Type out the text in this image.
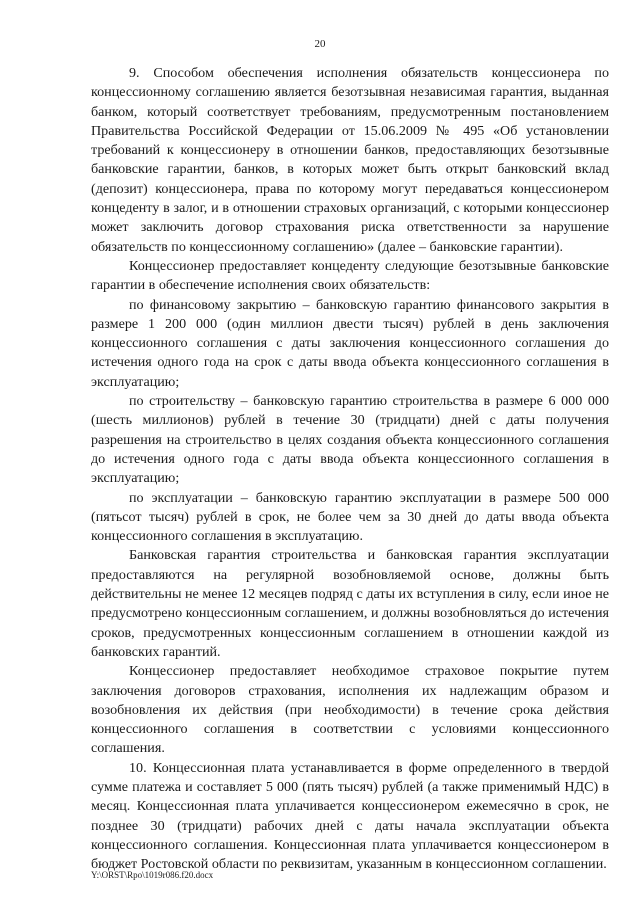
20

9. Способом обеспечения исполнения обязательств концессионера по концессионному соглашению является безотзывная независимая гарантия, выданная банком, который соответствует требованиям, предусмотренным постановлением Правительства Российской Федерации от 15.06.2009 № 495 «Об установлении требований к концессионеру в отношении банков, предоставляющих безотзывные банковские гарантии, банков, в которых может быть открыт банковский вклад (депозит) концессионера, права по которому могут передаваться концессионером концеденту в залог, и в отношении страховых организаций, с которыми концессионер может заключить договор страхования риска ответственности за нарушение обязательств по концессионному соглашению» (далее – банковские гарантии).

Концессионер предоставляет концеденту следующие безотзывные банковские гарантии в обеспечение исполнения своих обязательств:

по финансовому закрытию – банковскую гарантию финансового закрытия в размере 1 200 000 (один миллион двести тысяч) рублей в день заключения концессионного соглашения с даты заключения концессионного соглашения до истечения одного года на срок с даты ввода объекта концессионного соглашения в эксплуатацию;

по строительству – банковскую гарантию строительства в размере 6 000 000 (шесть миллионов) рублей в течение 30 (тридцати) дней с даты получения разрешения на строительство в целях создания объекта концессионного соглашения до истечения одного года с даты ввода объекта концессионного соглашения в эксплуатацию;

по эксплуатации – банковскую гарантию эксплуатации в размере 500 000 (пятьсот тысяч) рублей в срок, не более чем за 30 дней до даты ввода объекта концессионного соглашения в эксплуатацию.

Банковская гарантия строительства и банковская гарантия эксплуатации предоставляются на регулярной возобновляемой основе, должны быть действительны не менее 12 месяцев подряд с даты их вступления в силу, если иное не предусмотрено концессионным соглашением, и должны возобновляться до истечения сроков, предусмотренных концессионным соглашением в отношении каждой из банковских гарантий.

Концессионер предоставляет необходимое страховое покрытие путем заключения договоров страхования, исполнения их надлежащим образом и возобновления их действия (при необходимости) в течение срока действия концессионного соглашения в соответствии с условиями концессионного соглашения.

10. Концессионная плата устанавливается в форме определенного в твердой сумме платежа и составляет 5 000 (пять тысяч) рублей (а также применимый НДС) в месяц. Концессионная плата уплачивается концессионером ежемесячно в срок, не позднее 30 (тридцати) рабочих дней с даты начала эксплуатации объекта концессионного соглашения. Концессионная плата уплачивается концессионером в бюджет Ростовской области по реквизитам, указанным в концессионном соглашении.

Y:\ORST\Rpo\1019r086.f20.docx
